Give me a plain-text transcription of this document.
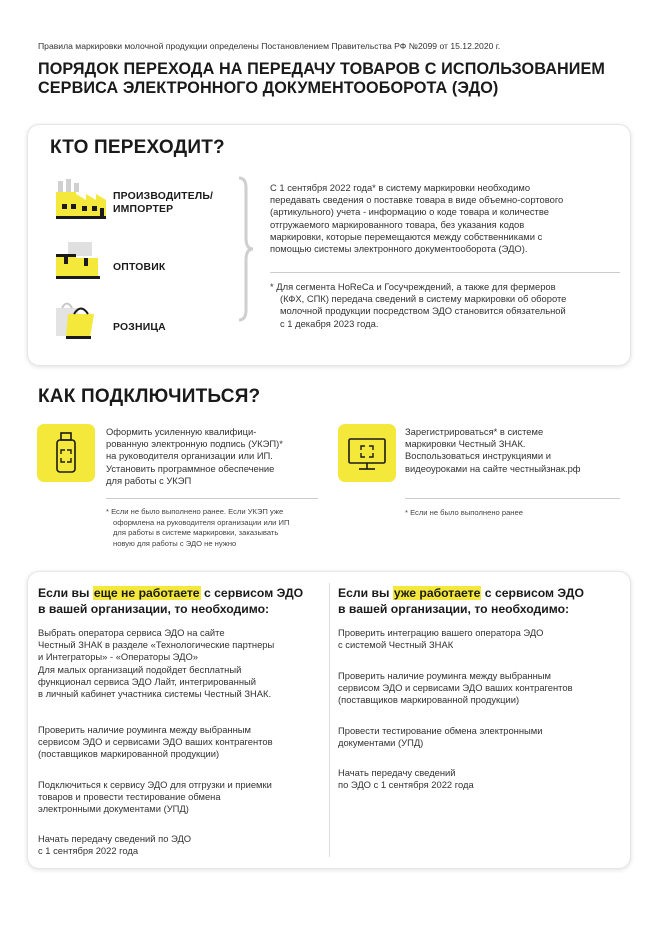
Правила маркировки молочной продукции определены Постановлением Правительства РФ №2099 от 15.12.2020 г.
ПОРЯДОК ПЕРЕХОДА НА ПЕРЕДАЧУ ТОВАРОВ С ИСПОЛЬЗОВАНИЕМ
СЕРВИСА ЭЛЕКТРОННОГО ДОКУМЕНТООБОРОТА (ЭДО)
КТО ПЕРЕХОДИТ?
ПРОИЗВОДИТЕЛЬ/
ИМПОРТЕР
ОПТОВИК
РОЗНИЦА
С 1 сентября 2022 года* в систему маркировки необходимо
передавать сведения о поставке товара в виде объемно-сортового
(артикульного) учета - информацию о коде товара и количестве
отгружаемого маркированного товара, без указания кодов
маркировки, которые перемещаются между собственниками с
помощью системы электронного документооборота (ЭДО).
* Для сегмента HoReCa и Госучреждений, а также для фермеров
(КФХ, СПК) передача сведений в систему маркировки об обороте
молочной продукции посредством ЭДО становится обязательной
с 1 декабря 2023 года.
КАК ПОДКЛЮЧИТЬСЯ?
Оформить усиленную квалифици-
рованную электронную подпись (УКЭП)*
на руководителя организации или ИП.
Установить программное обеспечение
для работы с УКЭП
* Если не было выполнено ранее. Если УКЭП уже
оформлена на руководителя организации или ИП
для работы в системе маркировки, заказывать
новую для работы с ЭДО не нужно
Зарегистрироваться* в системе
маркировки Честный ЗНАК.
Воспользоваться инструкциями и
видеоуроками на сайте честныйзнак.рф
* Если не было выполнено ранее
Если вы еще не работаете с сервисом ЭДО
в вашей организации, то необходимо:
Выбрать оператора сервиса ЭДО на сайте
Честный ЗНАК в разделе «Технологические партнеры
и Интеграторы» - «Операторы ЭДО»
Для малых организаций подойдет бесплатный
функционал сервиса ЭДО Лайт, интегрированный
в личный кабинет участника системы Честный ЗНАК.
Проверить наличие роуминга между выбранным
сервисом ЭДО и сервисами ЭДО ваших контрагентов
(поставщиков маркированной продукции)
Подключиться к сервису ЭДО для отгрузки и приемки
товаров и провести тестирование обмена
электронными документами (УПД)
Начать передачу сведений по ЭДО
с 1 сентября 2022 года
Если вы уже работаете с сервисом ЭДО
в вашей организации, то необходимо:
Проверить интеграцию вашего оператора ЭДО
с системой Честный ЗНАК
Проверить наличие роуминга между выбранным
сервисом ЭДО и сервисами ЭДО ваших контрагентов
(поставщиков маркированной продукции)
Провести тестирование обмена электронными
документами (УПД)
Начать передачу сведений
по ЭДО с 1 сентября 2022 года
